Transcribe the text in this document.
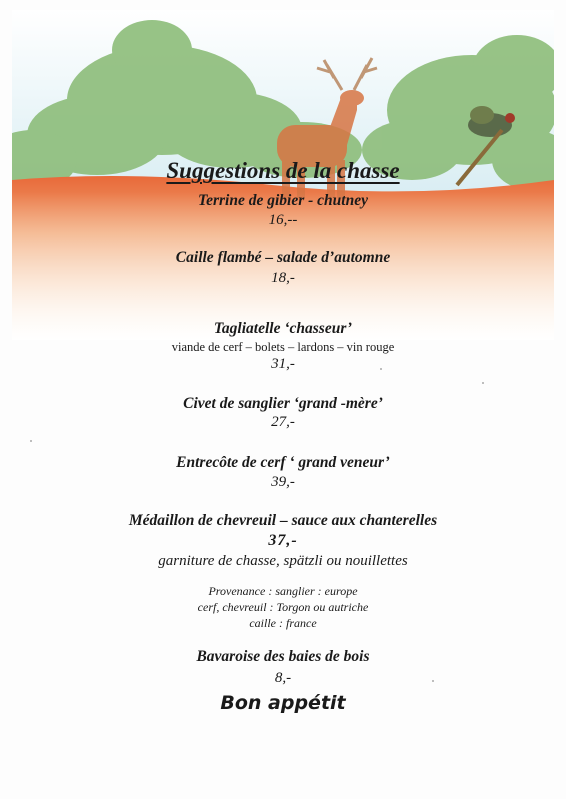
Suggestions de la chasse
Terrine de gibier - chutney
16,--
Caille flambé – salade d’automne
18,-
Tagliatelle ‘chasseur’
viande de cerf – bolets – lardons – vin rouge
31,-
Civet de sanglier ‘grand -mère’
27,-
Entrecôte de cerf ‘ grand veneur’
39,-
Médaillon de chevreuil – sauce aux chanterelles
37,-
garniture de chasse, spätzli ou nouillettes
Provenance : sanglier : europe
cerf, chevreuil : Torgon ou autriche
caille : france
Bavaroise des baies de bois
8,-
Bon appétit
